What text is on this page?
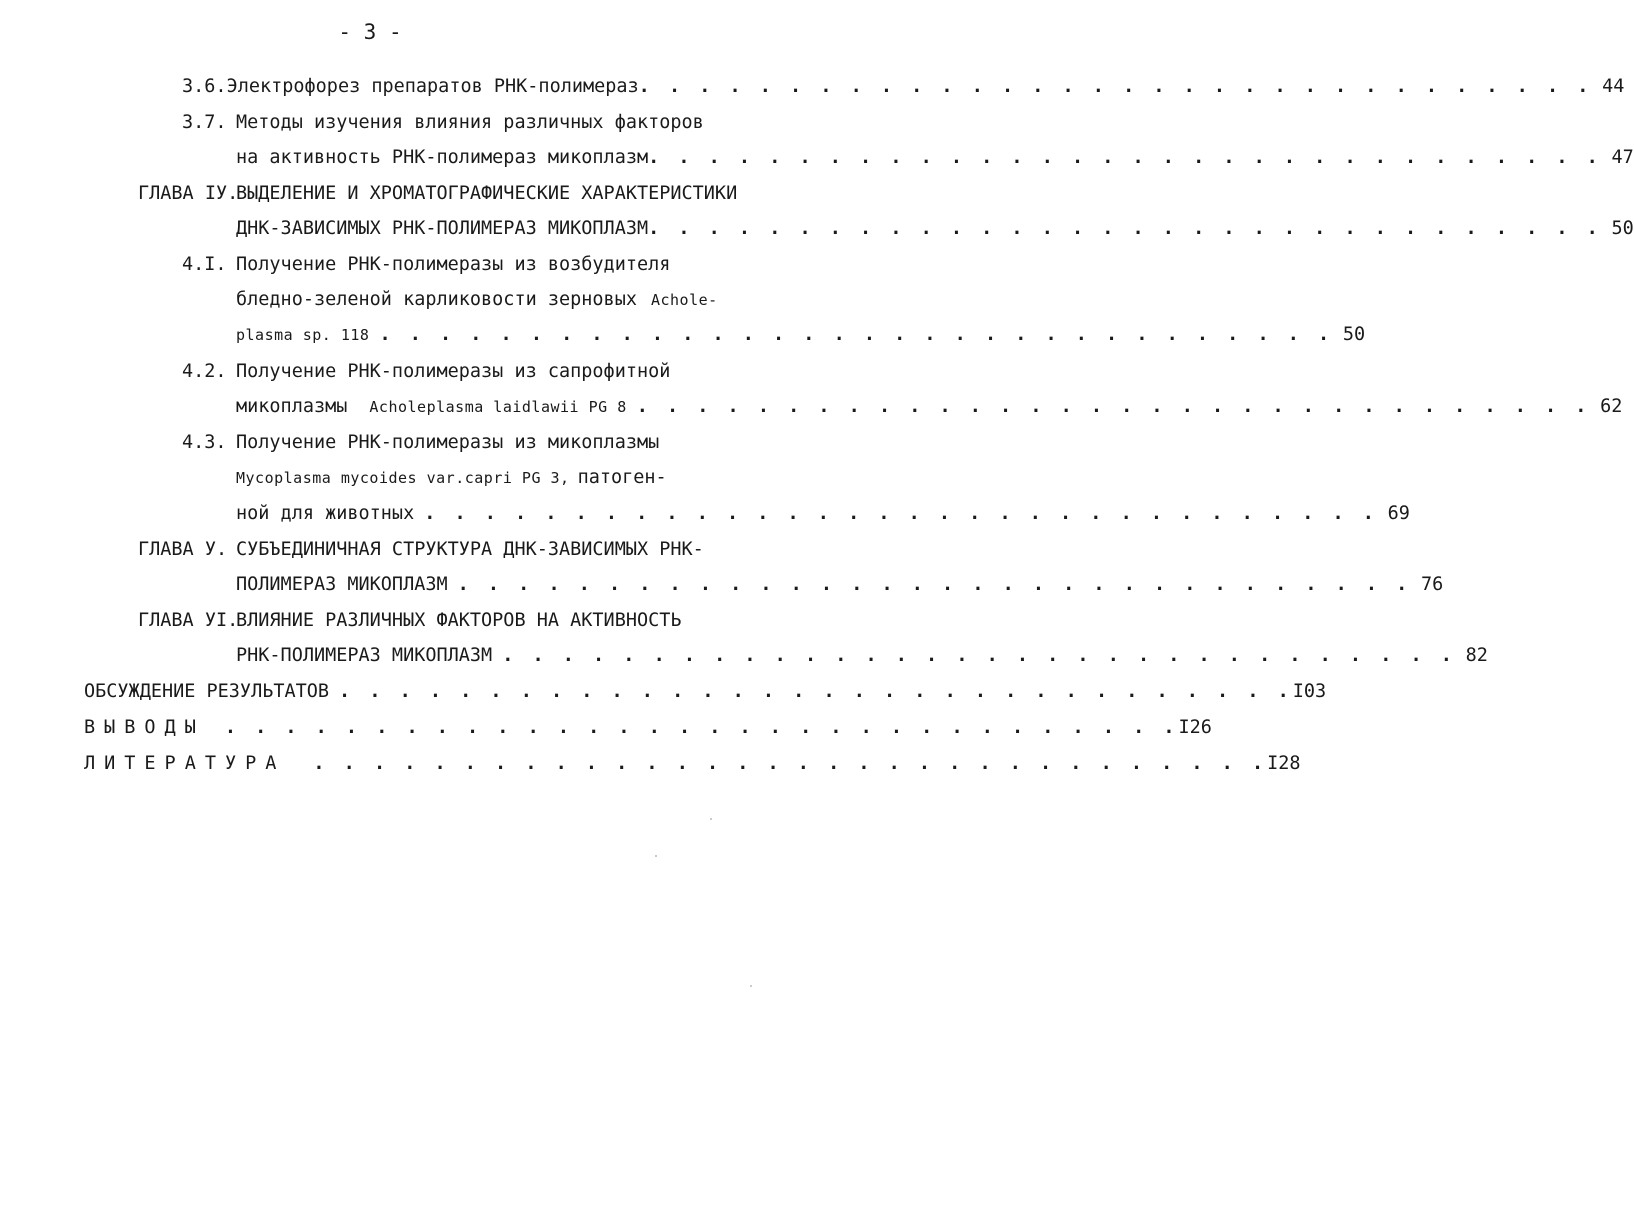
- 3 -
3.6. Электрофорез препаратов РНК-полимераз . . . . . . . . . . . . . . . . . . . . . . . . . . . . . . . . 44
3.7. Методы изучения влияния различных факторов
на активность РНК-полимераз микоплазм . . . . . . . . . . . . . . . . . . . . . . . . . . . . . . . . 47
ГЛАВА IУ.
ВЫДЕЛЕНИЕ И ХРОМАТОГРАФИЧЕСКИЕ ХАРАКТЕРИСТИКИ
ДНК-ЗАВИСИМЫХ РНК-ПОЛИМЕРАЗ МИКОПЛАЗМ . . . . . . . . . . . . . . . . . . . . . . . . . . . . . . . . 50
4.I. Получение РНК-полимеразы из возбудителя
бледно-зеленой карликовости зерновых Achole-
plasma sp. 118 . . . . . . . . . . . . . . . . . . . . . . . . . . . . . . . . 50
4.2. Получение РНК-полимеразы из сапрофитной
микоплазмы Acholeplasma laidlawii PG 8 . . . . . . . . . . . . . . . . . . . . . . . . . . . . . . . . 62
4.3. Получение РНК-полимеразы из микоплазмы
Mycoplasma mycoides var.capri PG 3, патоген-
ной для животных . . . . . . . . . . . . . . . . . . . . . . . . . . . . . . . . 69
ГЛАВА У. СУБЪЕДИНИЧНАЯ СТРУКТУРА ДНК-ЗАВИСИМЫХ РНК-
ПОЛИМЕРАЗ МИКОПЛАЗМ . . . . . . . . . . . . . . . . . . . . . . . . . . . . . . . . 76
ГЛАВА УI.
ВЛИЯНИЕ РАЗЛИЧНЫХ ФАКТОРОВ НА АКТИВНОСТЬ
РНК-ПОЛИМЕРАЗ МИКОПЛАЗМ . . . . . . . . . . . . . . . . . . . . . . . . . . . . . . . . 82
ОБСУЖДЕНИЕ РЕЗУЛЬТАТОВ . . . . . . . . . . . . . . . . . . . . . . . . . . . . . . . . I03
ВЫВОДЫ . . . . . . . . . . . . . . . . . . . . . . . . . . . . . . . . I26
ЛИТЕРАТУРА . . . . . . . . . . . . . . . . . . . . . . . . . . . . . . . . I28
